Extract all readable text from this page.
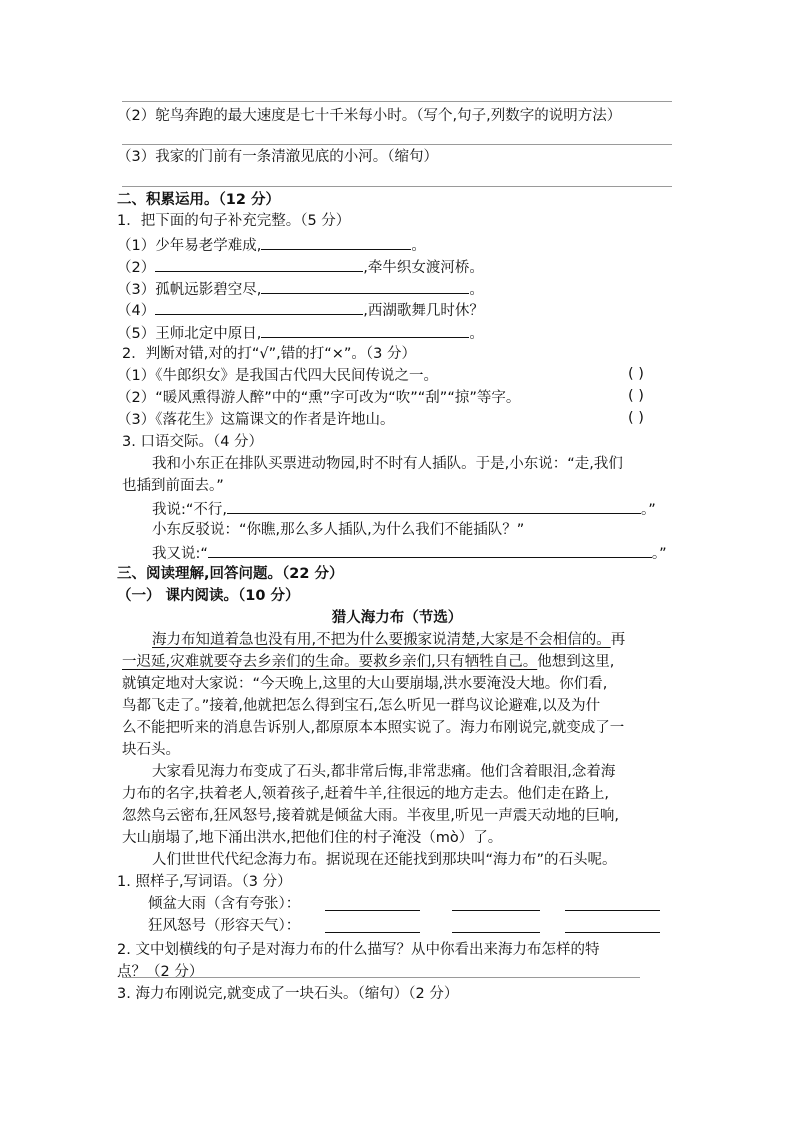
（2）鸵鸟奔跑的最大速度是七十千米每小时。（写个,句子,列数字的说明方法）
（3）我家的门前有一条清澈见底的小河。（缩句）
二、积累运用。（12 分）
1．把下面的句子补充完整。（5 分）
（1）少年易老学难成,	。
（2）	,牵牛织女渡河桥。
（3）孤帆远影碧空尽,	。
（4）	,西湖歌舞几时休？
（5）王师北定中原日,	。
2．判断对错,对的打“√”,错的打“×”。（3 分）
（1）《牛郎织女》是我国古代四大民间传说之一。	( )
（2）“暖风熏得游人醉”中的“熏”字可改为“吹”“刮”“掠”等字。	( )
（3）《落花生》这篇课文的作者是许地山。	( )
3. 口语交际。（4 分）
我和小东正在排队买票进动物园,时不时有人插队。于是,小东说：“走,我们
也插到前面去。”
我说:“不行,	。”
小东反驳说：“你瞧,那么多人插队,为什么我们不能插队？”
我又说:“	。”
三、阅读理解,回答问题。（22 分）
（一） 课内阅读。（10 分）
猎人海力布（节选）
海力布知道着急也没有用,不把为什么要搬家说清楚,大家是不会相信的。再
一迟延,灾难就要夺去乡亲们的生命。要救乡亲们,只有牺牲自己。他想到这里,
就镇定地对大家说：“今天晚上,这里的大山要崩塌,洪水要淹没大地。你们看,
鸟都飞走了。”接着,他就把怎么得到宝石,怎么听见一群鸟议论避难,以及为什
么不能把听来的消息告诉别人,都原原本本照实说了。海力布刚说完,就变成了一
块石头。
大家看见海力布变成了石头,都非常后悔,非常悲痛。他们含着眼泪,念着海
力布的名字,扶着老人,领着孩子,赶着牛羊,往很远的地方走去。他们走在路上,
忽然乌云密布,狂风怒号,接着就是倾盆大雨。半夜里,听见一声震天动地的巨响,
大山崩塌了,地下涌出洪水,把他们住的村子淹没（mò）了。
人们世世代代纪念海力布。据说现在还能找到那块叫“海力布”的石头呢。
1. 照样子,写词语。（3 分）
倾盆大雨（含有夸张）：
狂风怒号（形容天气）：
2. 文中划横线的句子是对海力布的什么描写？从中你看出来海力布怎样的特
点？（2 分）
3. 海力布刚说完,就变成了一块石头。（缩句）（2 分）
